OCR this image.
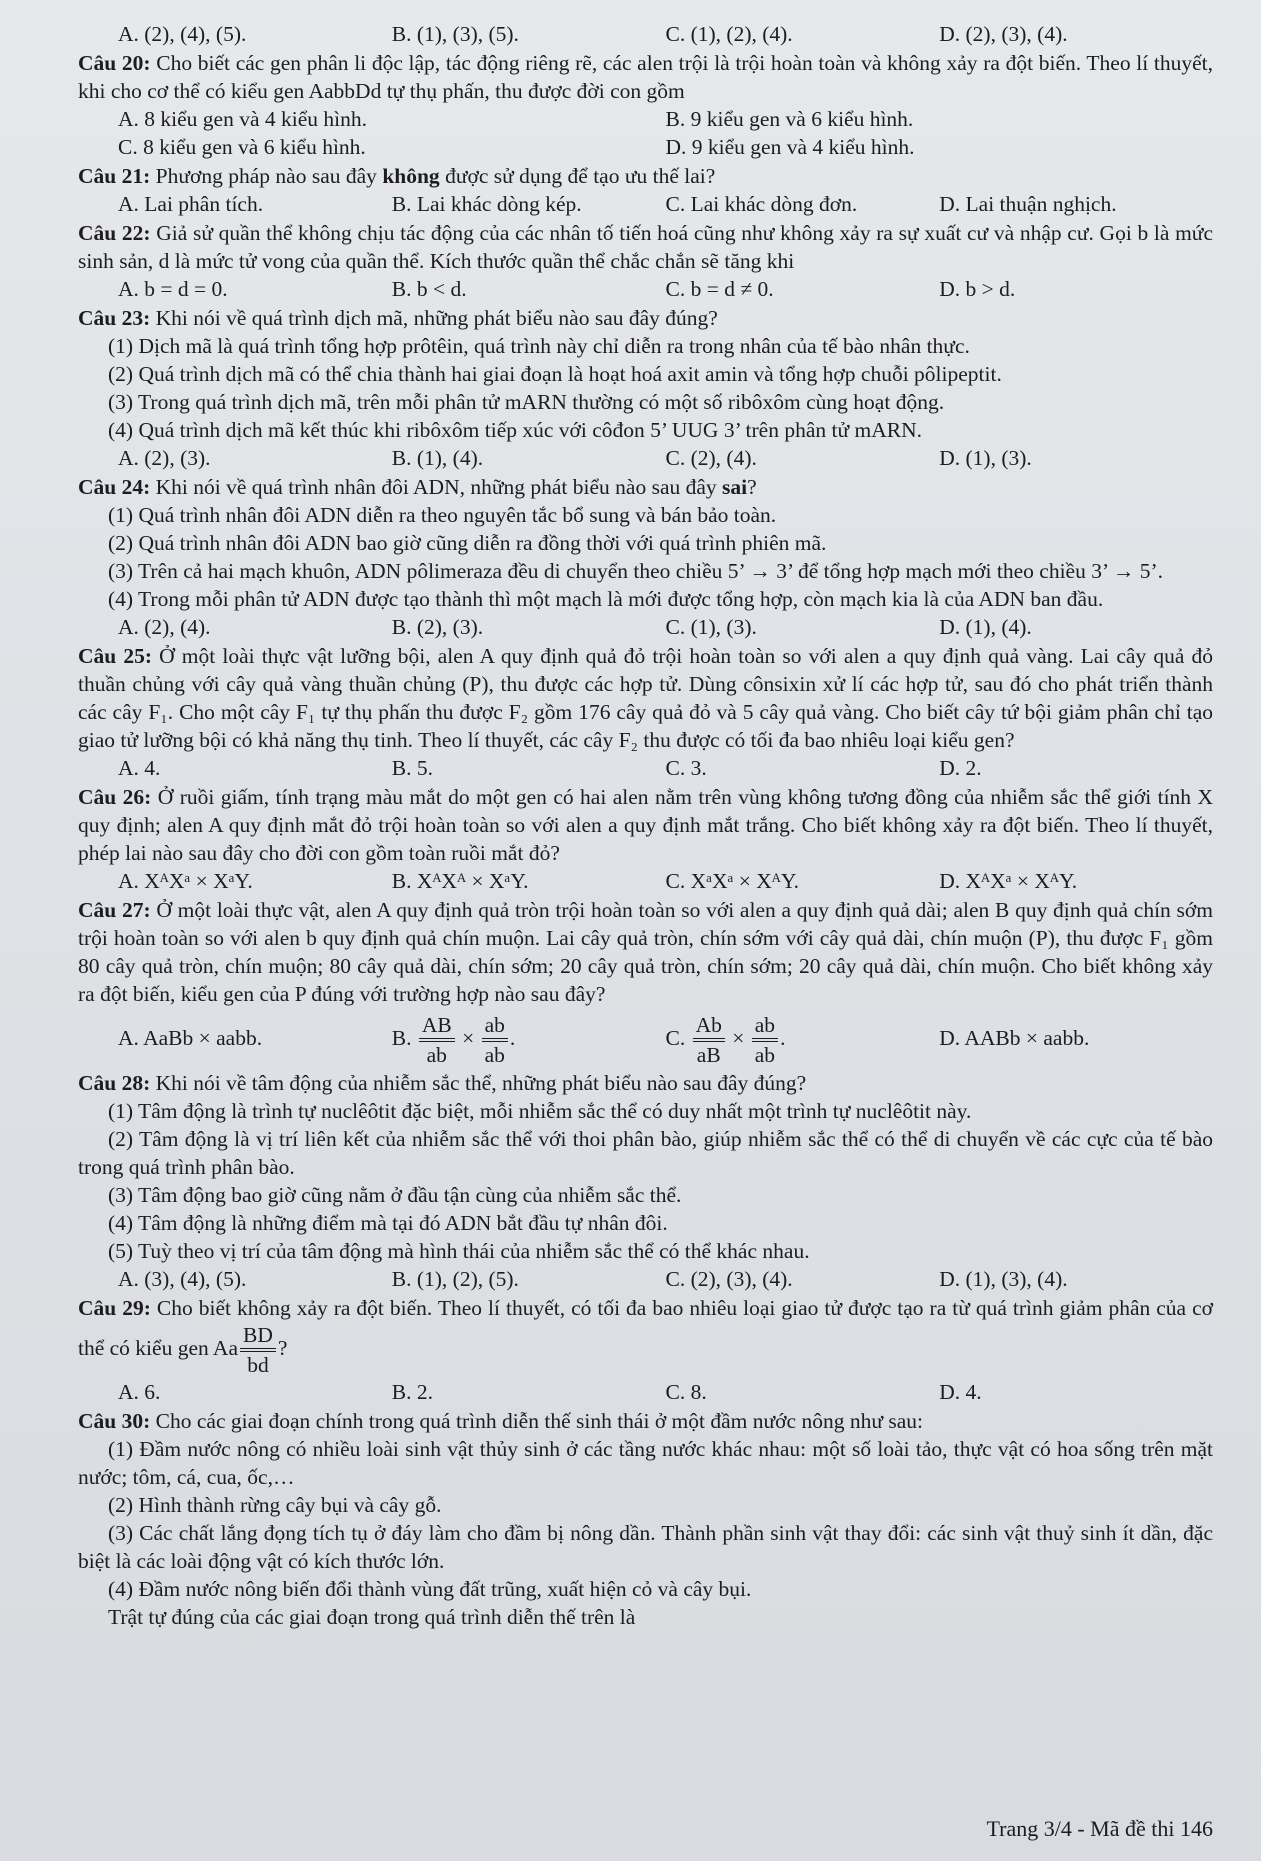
A. (2), (4), (5).	B. (1), (3), (5).	C. (1), (2), (4).	D. (2), (3), (4).
Câu 20: Cho biết các gen phân li độc lập, tác động riêng rẽ, các alen trội là trội hoàn toàn và không xảy ra đột biến. Theo lí thuyết, khi cho cơ thể có kiểu gen AabbDd tự thụ phấn, thu được đời con gồm
A. 8 kiểu gen và 4 kiểu hình.	B. 9 kiểu gen và 6 kiểu hình.
C. 8 kiểu gen và 6 kiểu hình.	D. 9 kiểu gen và 4 kiểu hình.
Câu 21: Phương pháp nào sau đây không được sử dụng để tạo ưu thế lai?
A. Lai phân tích.	B. Lai khác dòng kép.	C. Lai khác dòng đơn.	D. Lai thuận nghịch.
Câu 22: Giả sử quần thể không chịu tác động của các nhân tố tiến hoá cũng như không xảy ra sự xuất cư và nhập cư. Gọi b là mức sinh sản, d là mức tử vong của quần thể. Kích thước quần thể chắc chắn sẽ tăng khi
A. b = d = 0.	B. b < d.	C. b = d ≠ 0.	D. b > d.
Câu 23: Khi nói về quá trình dịch mã, những phát biểu nào sau đây đúng?
(1) Dịch mã là quá trình tổng hợp prôtêin, quá trình này chỉ diễn ra trong nhân của tế bào nhân thực.
(2) Quá trình dịch mã có thể chia thành hai giai đoạn là hoạt hoá axit amin và tổng hợp chuỗi pôlipeptit.
(3) Trong quá trình dịch mã, trên mỗi phân tử mARN thường có một số ribôxôm cùng hoạt động.
(4) Quá trình dịch mã kết thúc khi ribôxôm tiếp xúc với côđon 5’ UUG 3’ trên phân tử mARN.
A. (2), (3).	B. (1), (4).	C. (2), (4).	D. (1), (3).
Câu 24: Khi nói về quá trình nhân đôi ADN, những phát biểu nào sau đây sai?
(1) Quá trình nhân đôi ADN diễn ra theo nguyên tắc bổ sung và bán bảo toàn.
(2) Quá trình nhân đôi ADN bao giờ cũng diễn ra đồng thời với quá trình phiên mã.
(3) Trên cả hai mạch khuôn, ADN pôlimeraza đều di chuyển theo chiều 5’ → 3’ để tổng hợp mạch mới theo chiều 3’ → 5’.
(4) Trong mỗi phân tử ADN được tạo thành thì một mạch là mới được tổng hợp, còn mạch kia là của ADN ban đầu.
A. (2), (4).	B. (2), (3).	C. (1), (3).	D. (1), (4).
Câu 25: Ở một loài thực vật lưỡng bội, alen A quy định quả đỏ trội hoàn toàn so với alen a quy định quả vàng. Lai cây quả đỏ thuần chủng với cây quả vàng thuần chủng (P), thu được các hợp tử. Dùng cônsixin xử lí các hợp tử, sau đó cho phát triển thành các cây F₁. Cho một cây F₁ tự thụ phấn thu được F₂ gồm 176 cây quả đỏ và 5 cây quả vàng. Cho biết cây tứ bội giảm phân chỉ tạo giao tử lưỡng bội có khả năng thụ tinh. Theo lí thuyết, các cây F₂ thu được có tối đa bao nhiêu loại kiểu gen?
A. 4.	B. 5.	C. 3.	D. 2.
Câu 26: Ở ruồi giấm, tính trạng màu mắt do một gen có hai alen nằm trên vùng không tương đồng của nhiễm sắc thể giới tính X quy định; alen A quy định mắt đỏ trội hoàn toàn so với alen a quy định mắt trắng. Cho biết không xảy ra đột biến. Theo lí thuyết, phép lai nào sau đây cho đời con gồm toàn ruồi mắt đỏ?
A. XᴬXᵃ × XᵃY.	B. XᴬXᴬ × XᵃY.	C. XᵃXᵃ × XᴬY.	D. XᴬXᵃ × XᴬY.
Câu 27: Ở một loài thực vật, alen A quy định quả tròn trội hoàn toàn so với alen a quy định quả dài; alen B quy định quả chín sớm trội hoàn toàn so với alen b quy định quả chín muộn. Lai cây quả tròn, chín sớm với cây quả dài, chín muộn (P), thu được F₁ gồm 80 cây quả tròn, chín muộn; 80 cây quả dài, chín sớm; 20 cây quả tròn, chín sớm; 20 cây quả dài, chín muộn. Cho biết không xảy ra đột biến, kiểu gen của P đúng với trường hợp nào sau đây?
A. AaBb × aabb.	B. $\frac{AB}{ab} \times \frac{ab}{ab}$ .	C. $\frac{Ab}{aB} \times \frac{ab}{ab}$ .	D. AABb × aabb.
Câu 28: Khi nói về tâm động của nhiễm sắc thể, những phát biểu nào sau đây đúng?
(1) Tâm động là trình tự nuclêôtit đặc biệt, mỗi nhiễm sắc thể có duy nhất một trình tự nuclêôtit này.
(2) Tâm động là vị trí liên kết của nhiễm sắc thể với thoi phân bào, giúp nhiễm sắc thể có thể di chuyển về các cực của tế bào trong quá trình phân bào.
(3) Tâm động bao giờ cũng nằm ở đầu tận cùng của nhiễm sắc thể.
(4) Tâm động là những điểm mà tại đó ADN bắt đầu tự nhân đôi.
(5) Tuỳ theo vị trí của tâm động mà hình thái của nhiễm sắc thể có thể khác nhau.
A. (3), (4), (5).	B. (1), (2), (5).	C. (2), (3), (4).	D. (1), (3), (4).
Câu 29: Cho biết không xảy ra đột biến. Theo lí thuyết, có tối đa bao nhiêu loại giao tử được tạo ra từ quá trình giảm phân của cơ thể có kiểu gen Aa $\frac{BD}{bd}$ ?
A. 6.	B. 2.	C. 8.	D. 4.
Câu 30: Cho các giai đoạn chính trong quá trình diễn thế sinh thái ở một đầm nước nông như sau:
(1) Đầm nước nông có nhiều loài sinh vật thủy sinh ở các tầng nước khác nhau: một số loài tảo, thực vật có hoa sống trên mặt nước; tôm, cá, cua, ốc,…
(2) Hình thành rừng cây bụi và cây gỗ.
(3) Các chất lắng đọng tích tụ ở đáy làm cho đầm bị nông dần. Thành phần sinh vật thay đổi: các sinh vật thuỷ sinh ít dần, đặc biệt là các loài động vật có kích thước lớn.
(4) Đầm nước nông biến đổi thành vùng đất trũng, xuất hiện cỏ và cây bụi.
Trật tự đúng của các giai đoạn trong quá trình diễn thế trên là
Trang 3/4 - Mã đề thi 146
